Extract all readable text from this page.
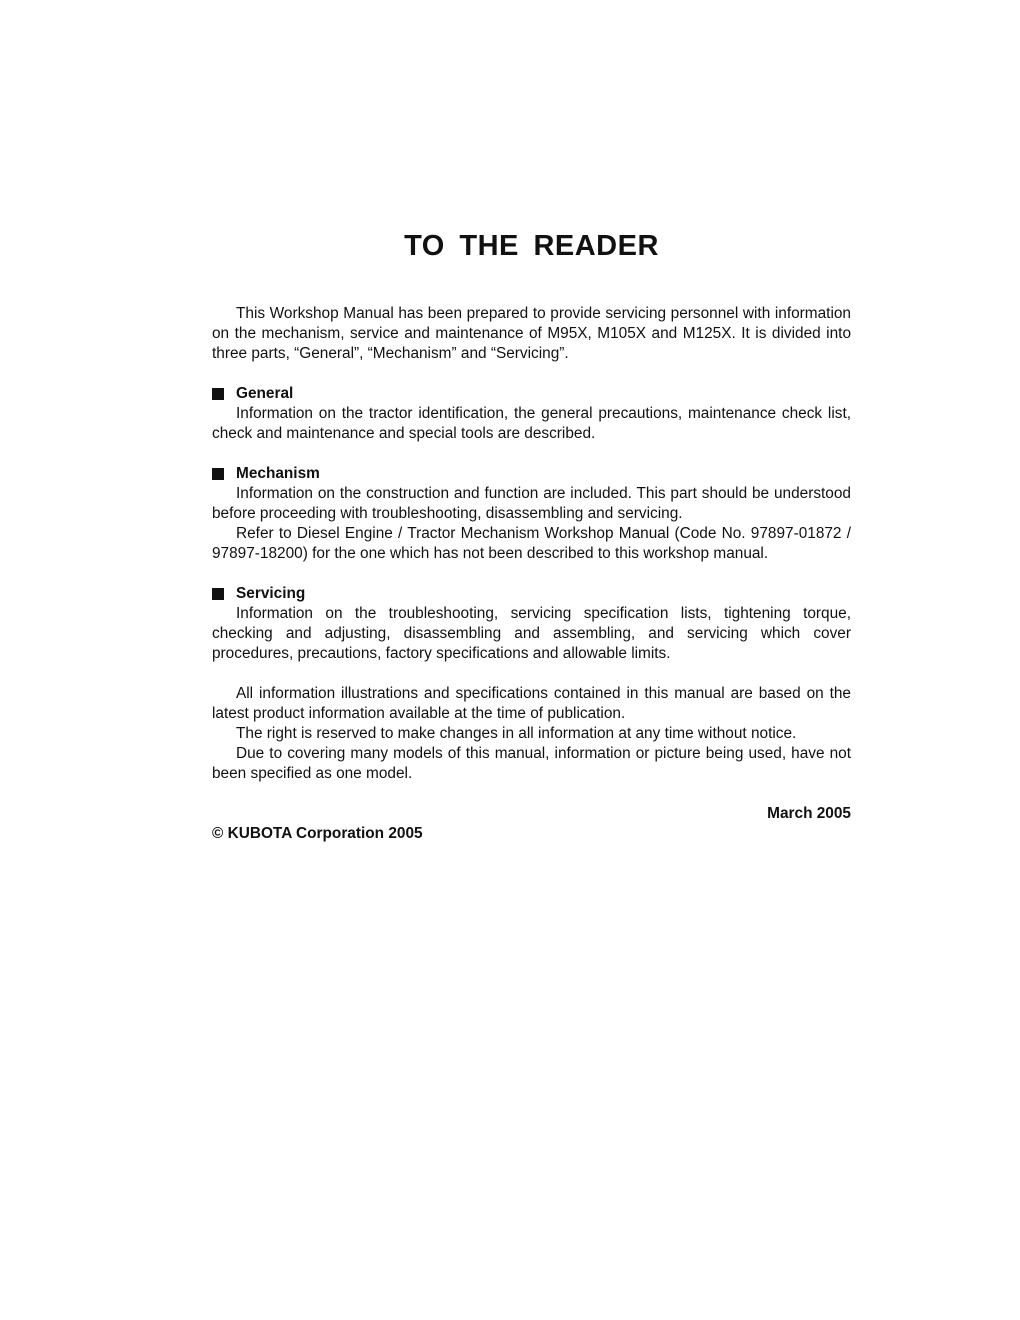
TO THE READER

This Workshop Manual has been prepared to provide servicing personnel with information on the mechanism, service and maintenance of M95X, M105X and M125X. It is divided into three parts, “General”, “Mechanism” and “Servicing”.

General

Information on the tractor identification, the general precautions, maintenance check list, check and maintenance and special tools are described.

Mechanism

Information on the construction and function are included. This part should be understood before proceeding with troubleshooting, disassembling and servicing.

Refer to Diesel Engine / Tractor Mechanism Workshop Manual (Code No. 97897-01872 / 97897-18200) for the one which has not been described to this workshop manual.

Servicing

Information on the troubleshooting, servicing specification lists, tightening torque, checking and adjusting, disassembling and assembling, and servicing which cover procedures, precautions, factory specifications and allowable limits.

All information illustrations and specifications contained in this manual are based on the latest product information available at the time of publication.

The right is reserved to make changes in all information at any time without notice.

Due to covering many models of this manual, information or picture being used, have not been specified as one model.

March 2005

© KUBOTA Corporation 2005
